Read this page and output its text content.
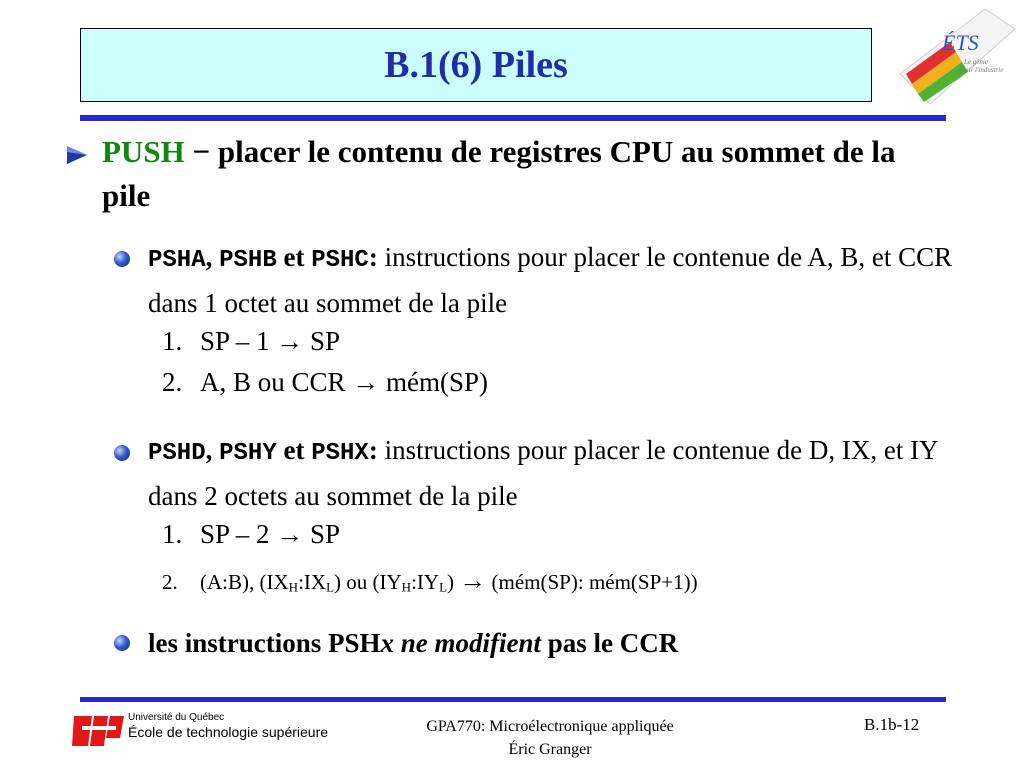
B.1(6) Piles
ÉTS
Le génie
pour l'industrie
PUSH − placer le contenu de registres CPU au sommet de la pile
PSHA, PSHB et PSHC: instructions pour placer le contenue de A, B, et CCR dans 1 octet au sommet de la pile
1. SP – 1 → SP
2. A, B ou CCR → mém(SP)
PSHD, PSHY et PSHX: instructions pour placer le contenue de D, IX, et IY dans 2 octets au sommet de la pile
1. SP – 2 → SP
2. (A:B), $(IX_H:IX_L)$ ou $(IY_H:IY_L)$ → (mém(SP): mém(SP+1))
les instructions PSHx ne modifient pas le CCR
Université du Québec
École de technologie supérieure	GPA770: Microélectronique appliquée
Éric Granger
B.1b-12
